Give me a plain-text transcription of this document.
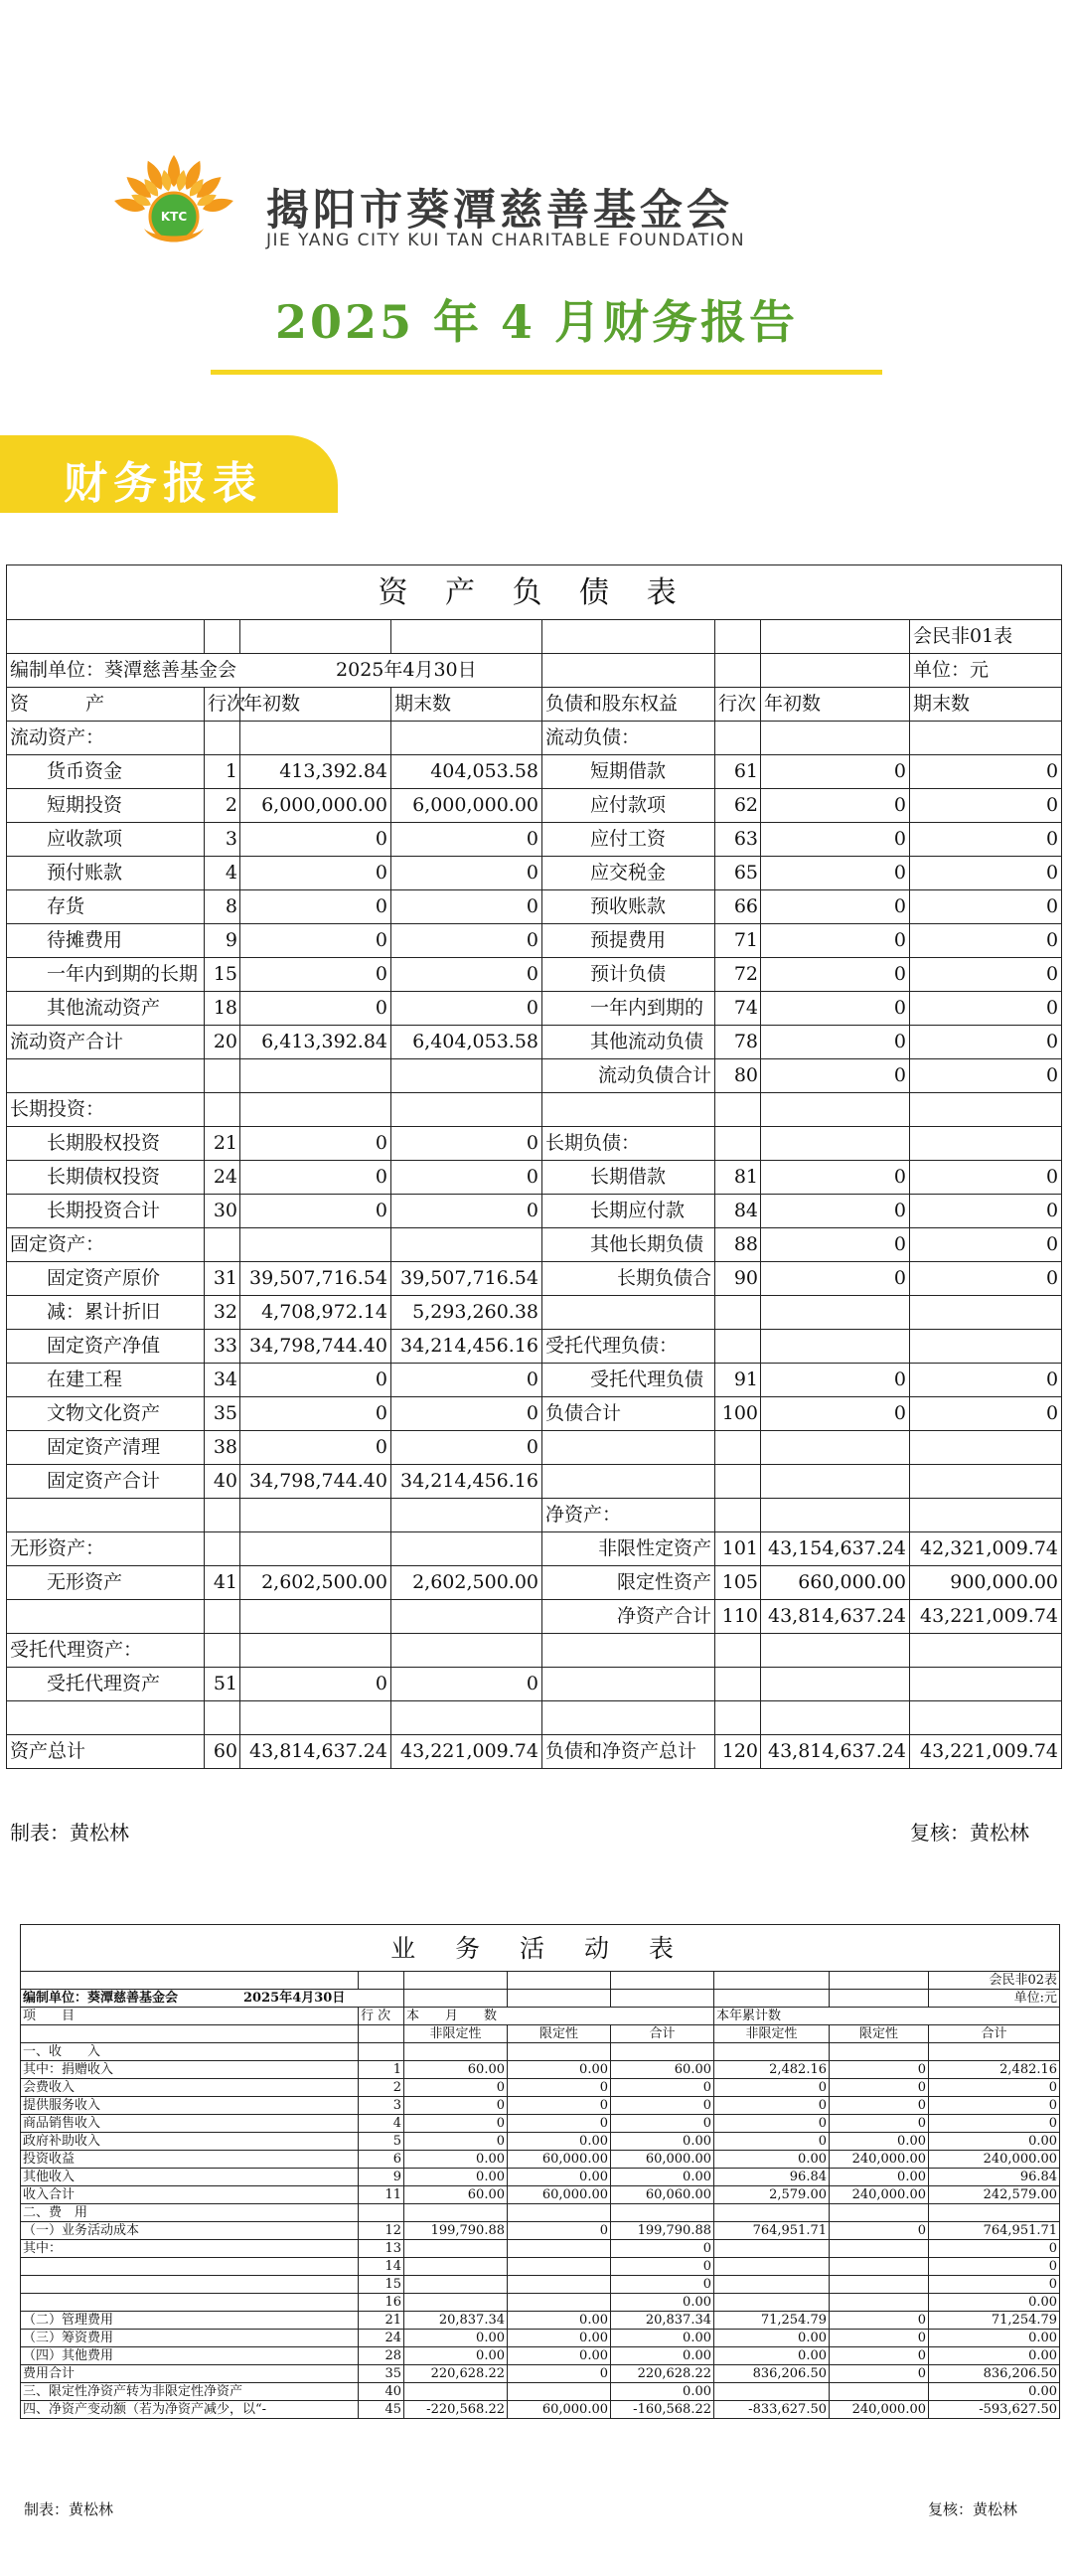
KTC 揭阳市葵潭慈善基金会
JIE YANG CITY KUI TAN CHARITABLE FOUNDATION
2025 年 4 月财务报告
财务报表
资 产 负 债 表							
							会民非01表
编制单位：葵潭慈善基金会 2025年4月30日							单位：元
资　　　产	行次	年初数	期末数	负债和股东权益	行次	年初数	期末数
流动资产：				流动负债：			
货币资金	1	413,392.84	404,053.58	短期借款	61	0	0
短期投资	2	6,000,000.00	6,000,000.00	应付款项	62	0	0
应收款项	3	0	0	应付工资	63	0	0
预付账款	4	0	0	应交税金	65	0	0
存货	8	0	0	预收账款	66	0	0
待摊费用	9	0	0	预提费用	71	0	0
一年内到期的长期	15	0	0	预计负债	72	0	0
其他流动资产	18	0	0	一年内到期的	74	0	0
流动资产合计	20	6,413,392.84	6,404,053.58	其他流动负债	78	0	0
				流动负债合计	80	0	0
长期投资：							
长期股权投资	21	0	0	长期负债：			
长期债权投资	24	0	0	长期借款	81	0	0
长期投资合计	30	0	0	长期应付款	84	0	0
固定资产：				其他长期负债	88	0	0
固定资产原价	31	39,507,716.54	39,507,716.54	长期负债合	90	0	0
减：累计折旧	32	4,708,972.14	5,293,260.38				
固定资产净值	33	34,798,744.40	34,214,456.16	受托代理负债：			
在建工程	34	0	0	受托代理负债	91	0	0
文物文化资产	35	0	0	负债合计	100	0	0
固定资产清理	38	0	0				
固定资产合计	40	34,798,744.40	34,214,456.16				
				净资产：			
无形资产：				非限性定资产	101	43,154,637.24	42,321,009.74
无形资产	41	2,602,500.00	2,602,500.00	限定性资产	105	660,000.00	900,000.00
				净资产合计	110	43,814,637.24	43,221,009.74
受托代理资产：							
受托代理资产	51	0	0				

资产总计	60	43,814,637.24	43,221,009.74	负债和净资产总计	120	43,814,637.24	43,221,009.74
制表：黄松林	复核：黄松林
业 务 活 动 表							
							会民非02表
编制单位：葵潭慈善基金会 2025年4月30日							单位:元
项　　目	行 次	本　　月　　数			本年累计数		
		非限定性	限定性	合计	非限定性	限定性	合计
一、收　　入							
其中：捐赠收入	1	60.00	0.00	60.00	2,482.16	0	2,482.16
会费收入	2	0	0	0	0	0	0
提供服务收入	3	0	0	0	0	0	0
商品销售收入	4	0	0	0	0	0	0
政府补助收入	5	0	0.00	0.00	0	0.00	0.00
投资收益	6	0.00	60,000.00	60,000.00	0.00	240,000.00	240,000.00
其他收入	9	0.00	0.00	0.00	96.84	0.00	96.84
收入合计	11	60.00	60,000.00	60,060.00	2,579.00	240,000.00	242,579.00
二、费　用							
（一）业务活动成本	12	199,790.88	0	199,790.88	764,951.71	0	764,951.71
其中：	13			0			0
	14			0			0
	15			0			0
	16			0.00			0.00
（二）管理费用	21	20,837.34	0.00	20,837.34	71,254.79	0	71,254.79
（三）筹资费用	24	0.00	0.00	0.00	0.00	0	0.00
（四）其他费用	28	0.00	0.00	0.00	0.00	0	0.00
费用合计	35	220,628.22	0	220,628.22	836,206.50	0	836,206.50
三、限定性净资产转为非限定性净资产	40			0.00			0.00
四、净资产变动额（若为净资产减少，以“-	45	-220,568.22	60,000.00	-160,568.22	-833,627.50	240,000.00	-593,627.50
制表：黄松林	复核：黄松林
